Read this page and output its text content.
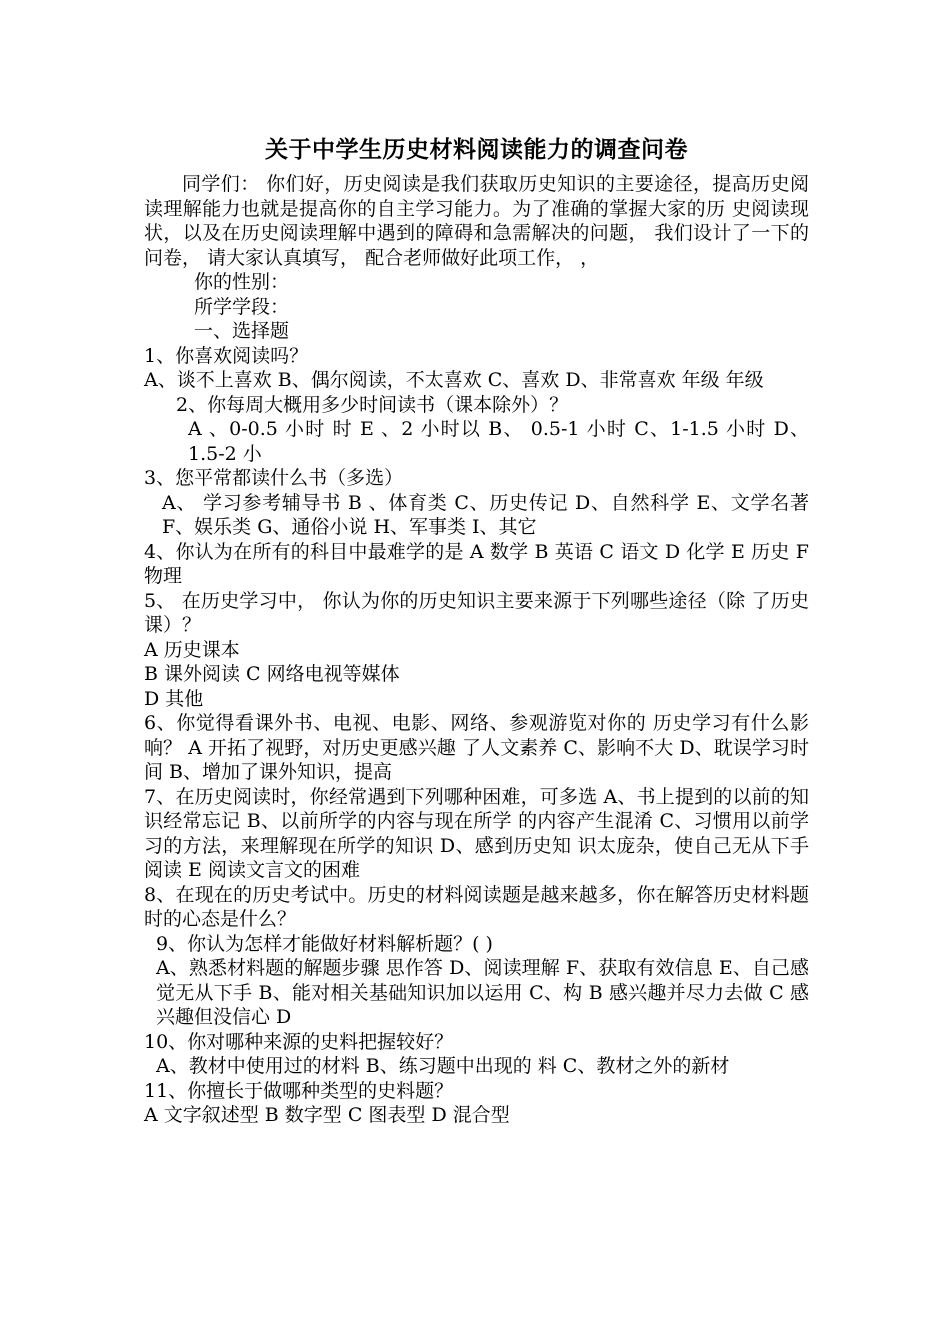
关于中学生历史材料阅读能力的调查问卷

同学们： 你们好，历史阅读是我们获取历史知识的主要途径，提高历史阅 读理解能力也就是提高你的自主学习能力。为了准确的掌握大家的历 史阅读现状，以及在历史阅读理解中遇到的障碍和急需解决的问题， 我们设计了一下的问卷， 请大家认真填写， 配合老师做好此项工作， ，

你的性别：

所学学段：

一、选择题

1、你喜欢阅读吗？

A、谈不上喜欢 B、偶尔阅读，不太喜欢 C、喜欢 D、非常喜欢 年级 年级

2、你每周大概用多少时间读书（课本除外）？

A 、0-0.5 小时 时 E 、2 小时以 B、 0.5-1 小时 C、1-1.5 小时 D、1.5-2 小

3、您平常都读什么书（多选）

A、 学习参考辅导书 B 、体育类 C、历史传记 D、自然科学 E、文学名著 F、娱乐类 G、通俗小说 H、军事类 I、其它

4、你认为在所有的科目中最难学的是 A 数学 B 英语 C 语文 D 化学 E 历史 F 物理

5、 在历史学习中， 你认为你的历史知识主要来源于下列哪些途径（除 了历史课）？

A 历史课本

B 课外阅读 C 网络电视等媒体

D 其他

6、你觉得看课外书、电视、电影、网络、参观游览对你的 历史学习有什么影响？ A 开拓了视野，对历史更感兴趣 了人文素养 C、影响不大 D、耽误学习时间 B、增加了课外知识，提高

7、在历史阅读时，你经常遇到下列哪种困难，可多选 A、书上提到的以前的知识经常忘记 B、以前所学的内容与现在所学 的内容产生混淆 C、习惯用以前学习的方法，来理解现在所学的知识 D、感到历史知 识太庞杂，使自己无从下手阅读 E 阅读文言文的困难

8、在现在的历史考试中。历史的材料阅读题是越来越多，你在解答历史材料题时的心态是什么？

9、你认为怎样才能做好材料解析题？( )

A、熟悉材料题的解题步骤 思作答 D、阅读理解 F、获取有效信息 E、自己感觉无从下手 B、能对相关基础知识加以运用 C、构 B 感兴趣并尽力去做 C 感兴趣但没信心 D

10、你对哪种来源的史料把握较好？

A、教材中使用过的材料 B、练习题中出现的 料 C、教材之外的新材

11、你擅长于做哪种类型的史料题？

A 文字叙述型 B 数字型 C 图表型 D 混合型
